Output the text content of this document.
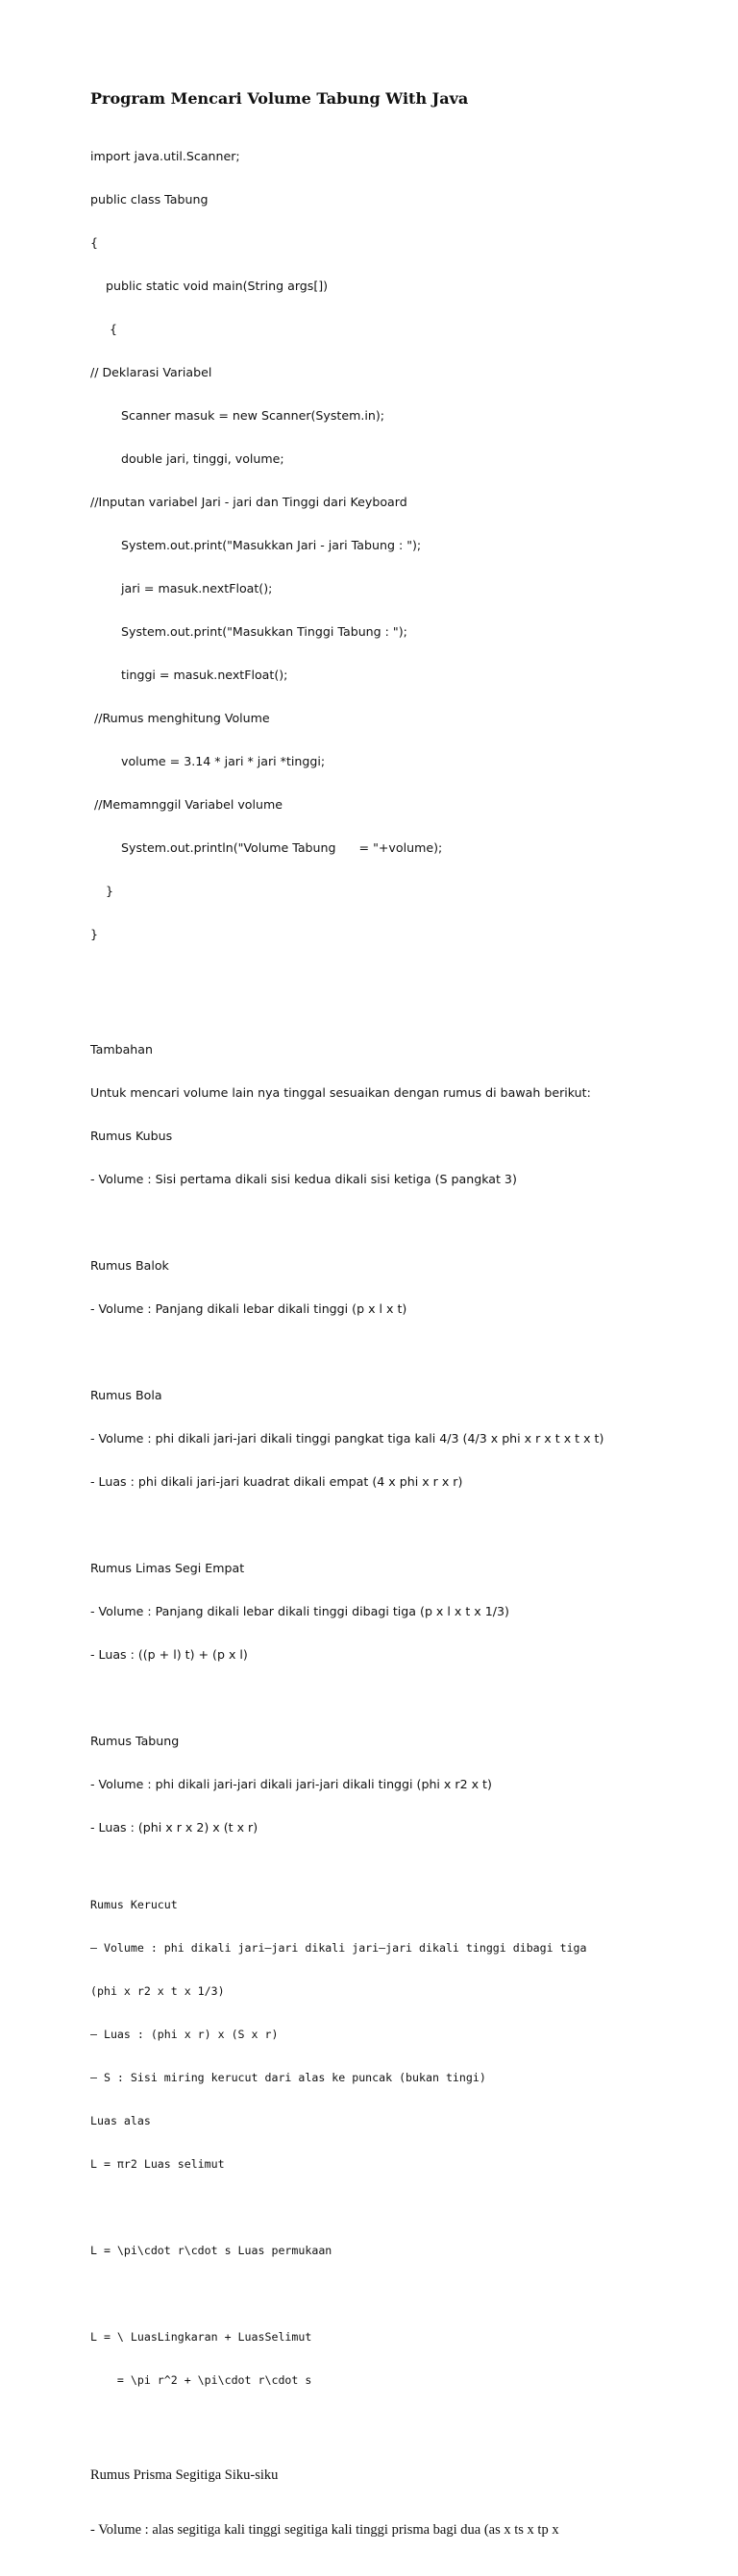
Program Mencari Volume Tabung With Java

import java.util.Scanner;

public class Tabung

{

public static void main(String args[])

{

// Deklarasi Variabel

Scanner masuk = new Scanner(System.in);

double jari, tinggi, volume;

//Inputan variabel Jari - jari dan Tinggi dari Keyboard

System.out.print("Masukkan Jari - jari Tabung : ");

jari = masuk.nextFloat();

System.out.print("Masukkan Tinggi Tabung : ");

tinggi = masuk.nextFloat();

//Rumus menghitung Volume

volume = 3.14 * jari * jari *tinggi;

//Memamnggil Variabel volume

System.out.println("Volume Tabung      = "+volume);

}

}

Tambahan

Untuk mencari volume lain nya tinggal sesuaikan dengan rumus di bawah berikut:

Rumus Kubus

- Volume : Sisi pertama dikali sisi kedua dikali sisi ketiga (S pangkat 3)

Rumus Balok

- Volume : Panjang dikali lebar dikali tinggi (p x l x t)

Rumus Bola

- Volume : phi dikali jari-jari dikali tinggi pangkat tiga kali 4/3 (4/3 x phi x r x t x t x t)

- Luas : phi dikali jari-jari kuadrat dikali empat (4 x phi x r x r)

Rumus Limas Segi Empat

- Volume : Panjang dikali lebar dikali tinggi dibagi tiga (p x l x t x 1/3)

- Luas : ((p + l) t) + (p x l)

Rumus Tabung

- Volume : phi dikali jari-jari dikali jari-jari dikali tinggi (phi x r2 x t)

- Luas : (phi x r x 2) x (t x r)

Rumus Kerucut

– Volume : phi dikali jari–jari dikali jari–jari dikali tinggi dibagi tiga

(phi x r2 x t x 1/3)

– Luas : (phi x r) x (S x r)

– S : Sisi miring kerucut dari alas ke puncak (bukan tingi)

Luas alas

L = πr2 Luas selimut

L = \pi\cdot r\cdot s Luas permukaan

L = \ LuasLingkaran + LuasSelimut

= \pi r^2 + \pi\cdot r\cdot s

Rumus Prisma Segitiga Siku-siku

- Volume : alas segitiga kali tinggi segitiga kali tinggi prisma bagi dua (as x ts x tp x
